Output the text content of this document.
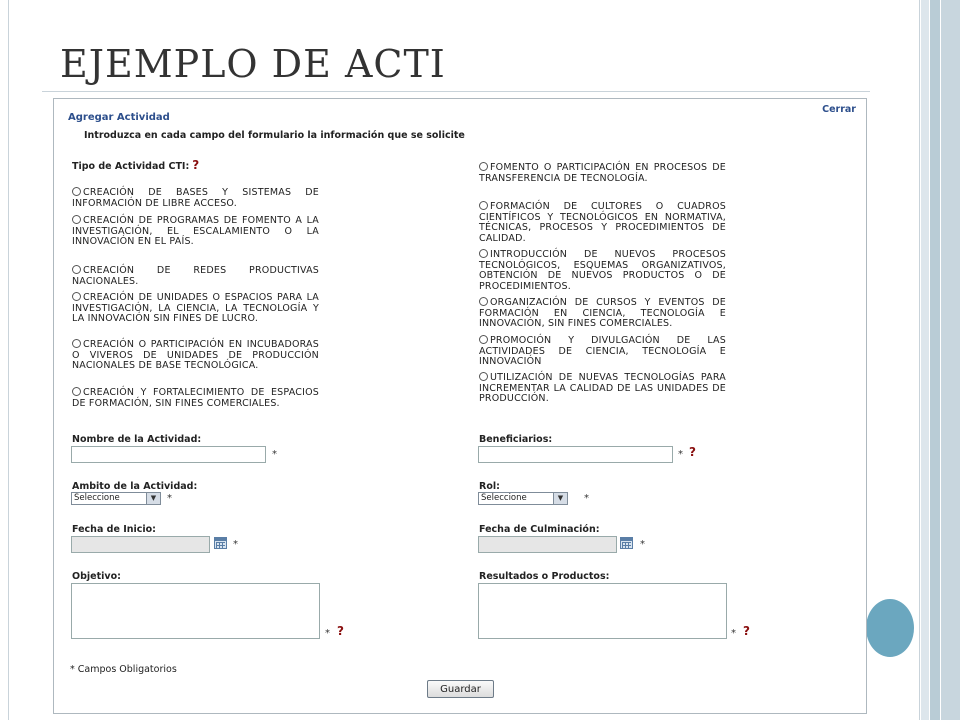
EJEMPLO DE ACTI
Cerrar
Agregar Actividad
Introduzca en cada campo del formulario la información que se solicite
Tipo de Actividad CTI: ?
CREACIÓN DE BASES Y SISTEMAS DE INFORMACIÓN DE LIBRE ACCESO.
CREACIÓN DE PROGRAMAS DE FOMENTO A LA INVESTIGACIÓN, EL ESCALAMIENTO O LA INNOVACIÓN EN EL PAÍS.
CREACIÓN DE REDES PRODUCTIVAS NACIONALES.
CREACIÓN DE UNIDADES O ESPACIOS PARA LA INVESTIGACIÓN, LA CIENCIA, LA TECNOLOGÍA Y LA INNOVACIÓN SIN FINES DE LUCRO.
CREACIÓN O PARTICIPACIÓN EN INCUBADORAS O VIVEROS DE UNIDADES DE PRODUCCIÓN NACIONALES DE BASE TECNOLÓGICA.
CREACIÓN Y FORTALECIMIENTO DE ESPACIOS DE FORMACIÓN, SIN FINES COMERCIALES.
FOMENTO O PARTICIPACIÓN EN PROCESOS DE TRANSFERENCIA DE TECNOLOGÍA.
FORMACIÓN DE CULTORES O CUADROS CIENTÍFICOS Y TECNOLÓGICOS EN NORMATIVA, TÉCNICAS, PROCESOS Y PROCEDIMIENTOS DE CALIDAD.
INTRODUCCIÓN DE NUEVOS PROCESOS TECNOLÓGICOS, ESQUEMAS ORGANIZATIVOS, OBTENCIÓN DE NUEVOS PRODUCTOS O DE PROCEDIMIENTOS.
ORGANIZACIÓN DE CURSOS Y EVENTOS DE FORMACIÓN EN CIENCIA, TECNOLOGÍA E INNOVACIÓN, SIN FINES COMERCIALES.
PROMOCIÓN Y DIVULGACIÓN DE LAS ACTIVIDADES DE CIENCIA, TECNOLOGÍA E INNOVACIÓN
UTILIZACIÓN DE NUEVAS TECNOLOGÍAS PARA INCREMENTAR LA CALIDAD DE LAS UNIDADES DE PRODUCCIÓN.
Nombre de la Actividad:
*
Beneficiarios:
* ?
Ambito de la Actividad:
Seleccione	▼	*
Rol:
Seleccione	▼	*
Fecha de Inicio:
*
Fecha de Culminación:
*
Objetivo:
* ?
Resultados o Productos:
* ?
* Campos Obligatorios
Guardar
